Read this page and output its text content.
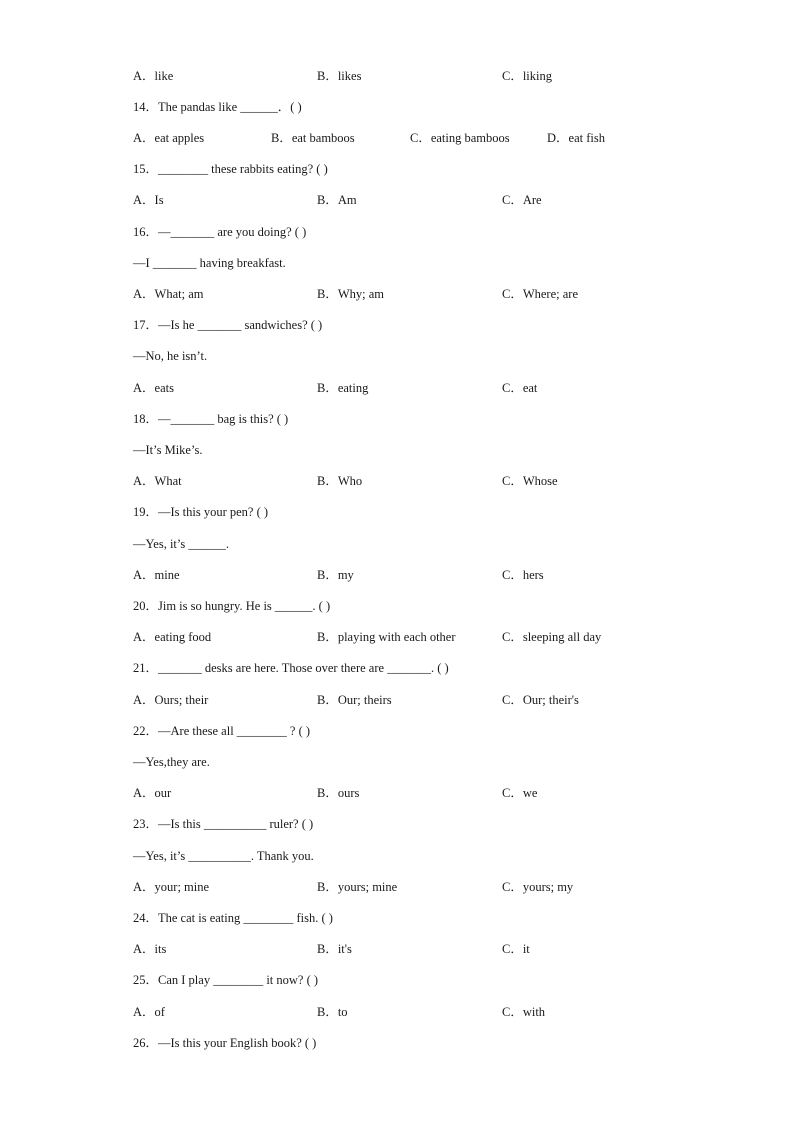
A．like	B．likes	C．liking
14．The pandas like ______．( )
A．eat apples	B．eat bamboos	C．eating bamboos	D．eat fish
15．________ these rabbits eating? ( )
A．Is	B．Am	C．Are
16．—_______ are you doing? ( )
—I _______ having breakfast.
A．What; am	B．Why; am	C．Where; are
17．—Is he _______ sandwiches? ( )
—No, he isn’t.
A．eats	B．eating	C．eat
18．—_______ bag is this? ( )
—It’s Mike’s.
A．What	B．Who	C．Whose
19．—Is this your pen? ( )
—Yes, it’s ______.
A．mine	B．my	C．hers
20．Jim is so hungry. He is ______. ( )
A．eating food	B．playing with each other	C．sleeping all day
21．_______ desks are here. Those over there are _______. ( )
A．Ours; their	B．Our; theirs	C．Our; their's
22．—Are these all ________ ? ( )
—Yes,they are.
A．our	B．ours	C．we
23．—Is this __________ ruler? ( )
—Yes, it’s __________. Thank you.
A．your; mine	B．yours; mine	C．yours; my
24．The cat is eating ________ fish. ( )
A．its	B．it's	C．it
25．Can I play ________ it now? ( )
A．of	B．to	C．with
26．—Is this your English book? ( )
